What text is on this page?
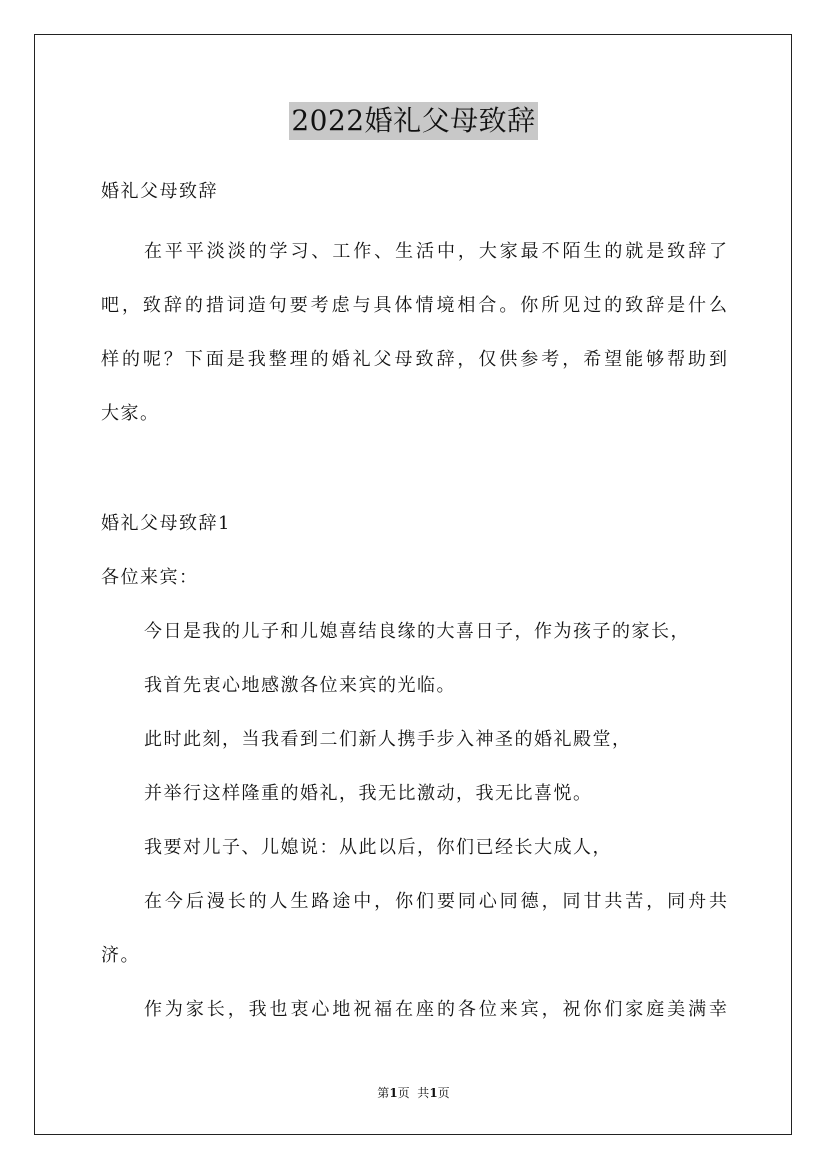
2022婚礼父母致辞
婚礼父母致辞
在平平淡淡的学习、工作、生活中，大家最不陌生的就是致辞了
吧，致辞的措词造句要考虑与具体情境相合。你所见过的致辞是什么
样的呢？下面是我整理的婚礼父母致辞，仅供参考，希望能够帮助到
大家。
婚礼父母致辞1
各位来宾：
今日是我的儿子和儿媳喜结良缘的大喜日子，作为孩子的家长，
我首先衷心地感激各位来宾的光临。
此时此刻，当我看到二们新人携手步入神圣的婚礼殿堂，
并举行这样隆重的婚礼，我无比激动，我无比喜悦。
我要对儿子、儿媳说：从此以后，你们已经长大成人，
在今后漫长的人生路途中，你们要同心同德，同甘共苦，同舟共
济。
作为家长，我也衷心地祝福在座的各位来宾，祝你们家庭美满幸
第1页  共1页
